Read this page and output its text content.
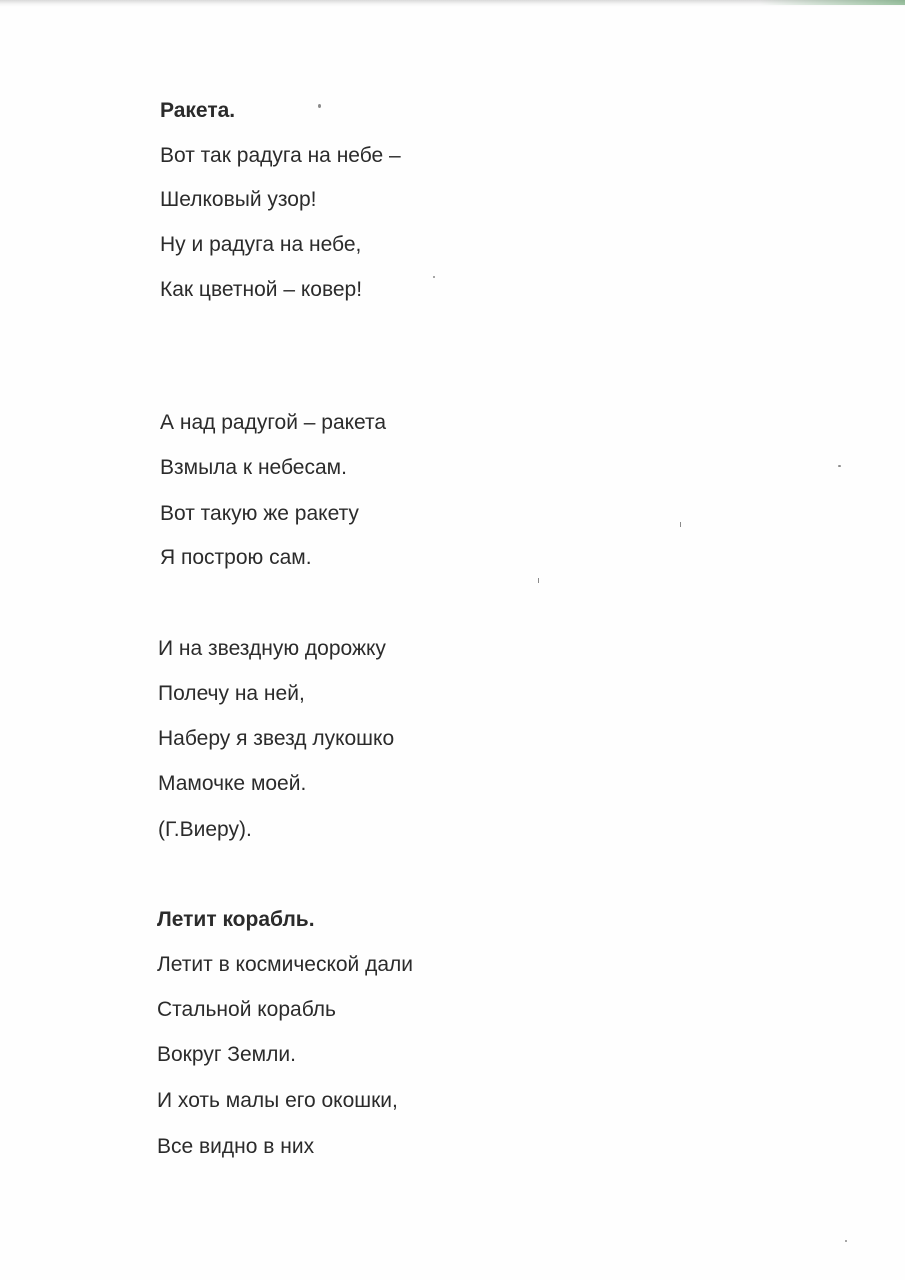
Ракета.
Вот так радуга на небе –
Шелковый узор!
Ну и радуга на небе,
Как цветной – ковер!
А над радугой – ракета
Взмыла к небесам.
Вот такую же ракету
Я построю сам.
И на звездную дорожку
Полечу на ней,
Наберу я звезд лукошко
Мамочке моей.
(Г.Виеру).
Летит корабль.
Летит в космической дали
Стальной корабль
Вокруг Земли.
И хоть малы его окошки,
Все видно в них
